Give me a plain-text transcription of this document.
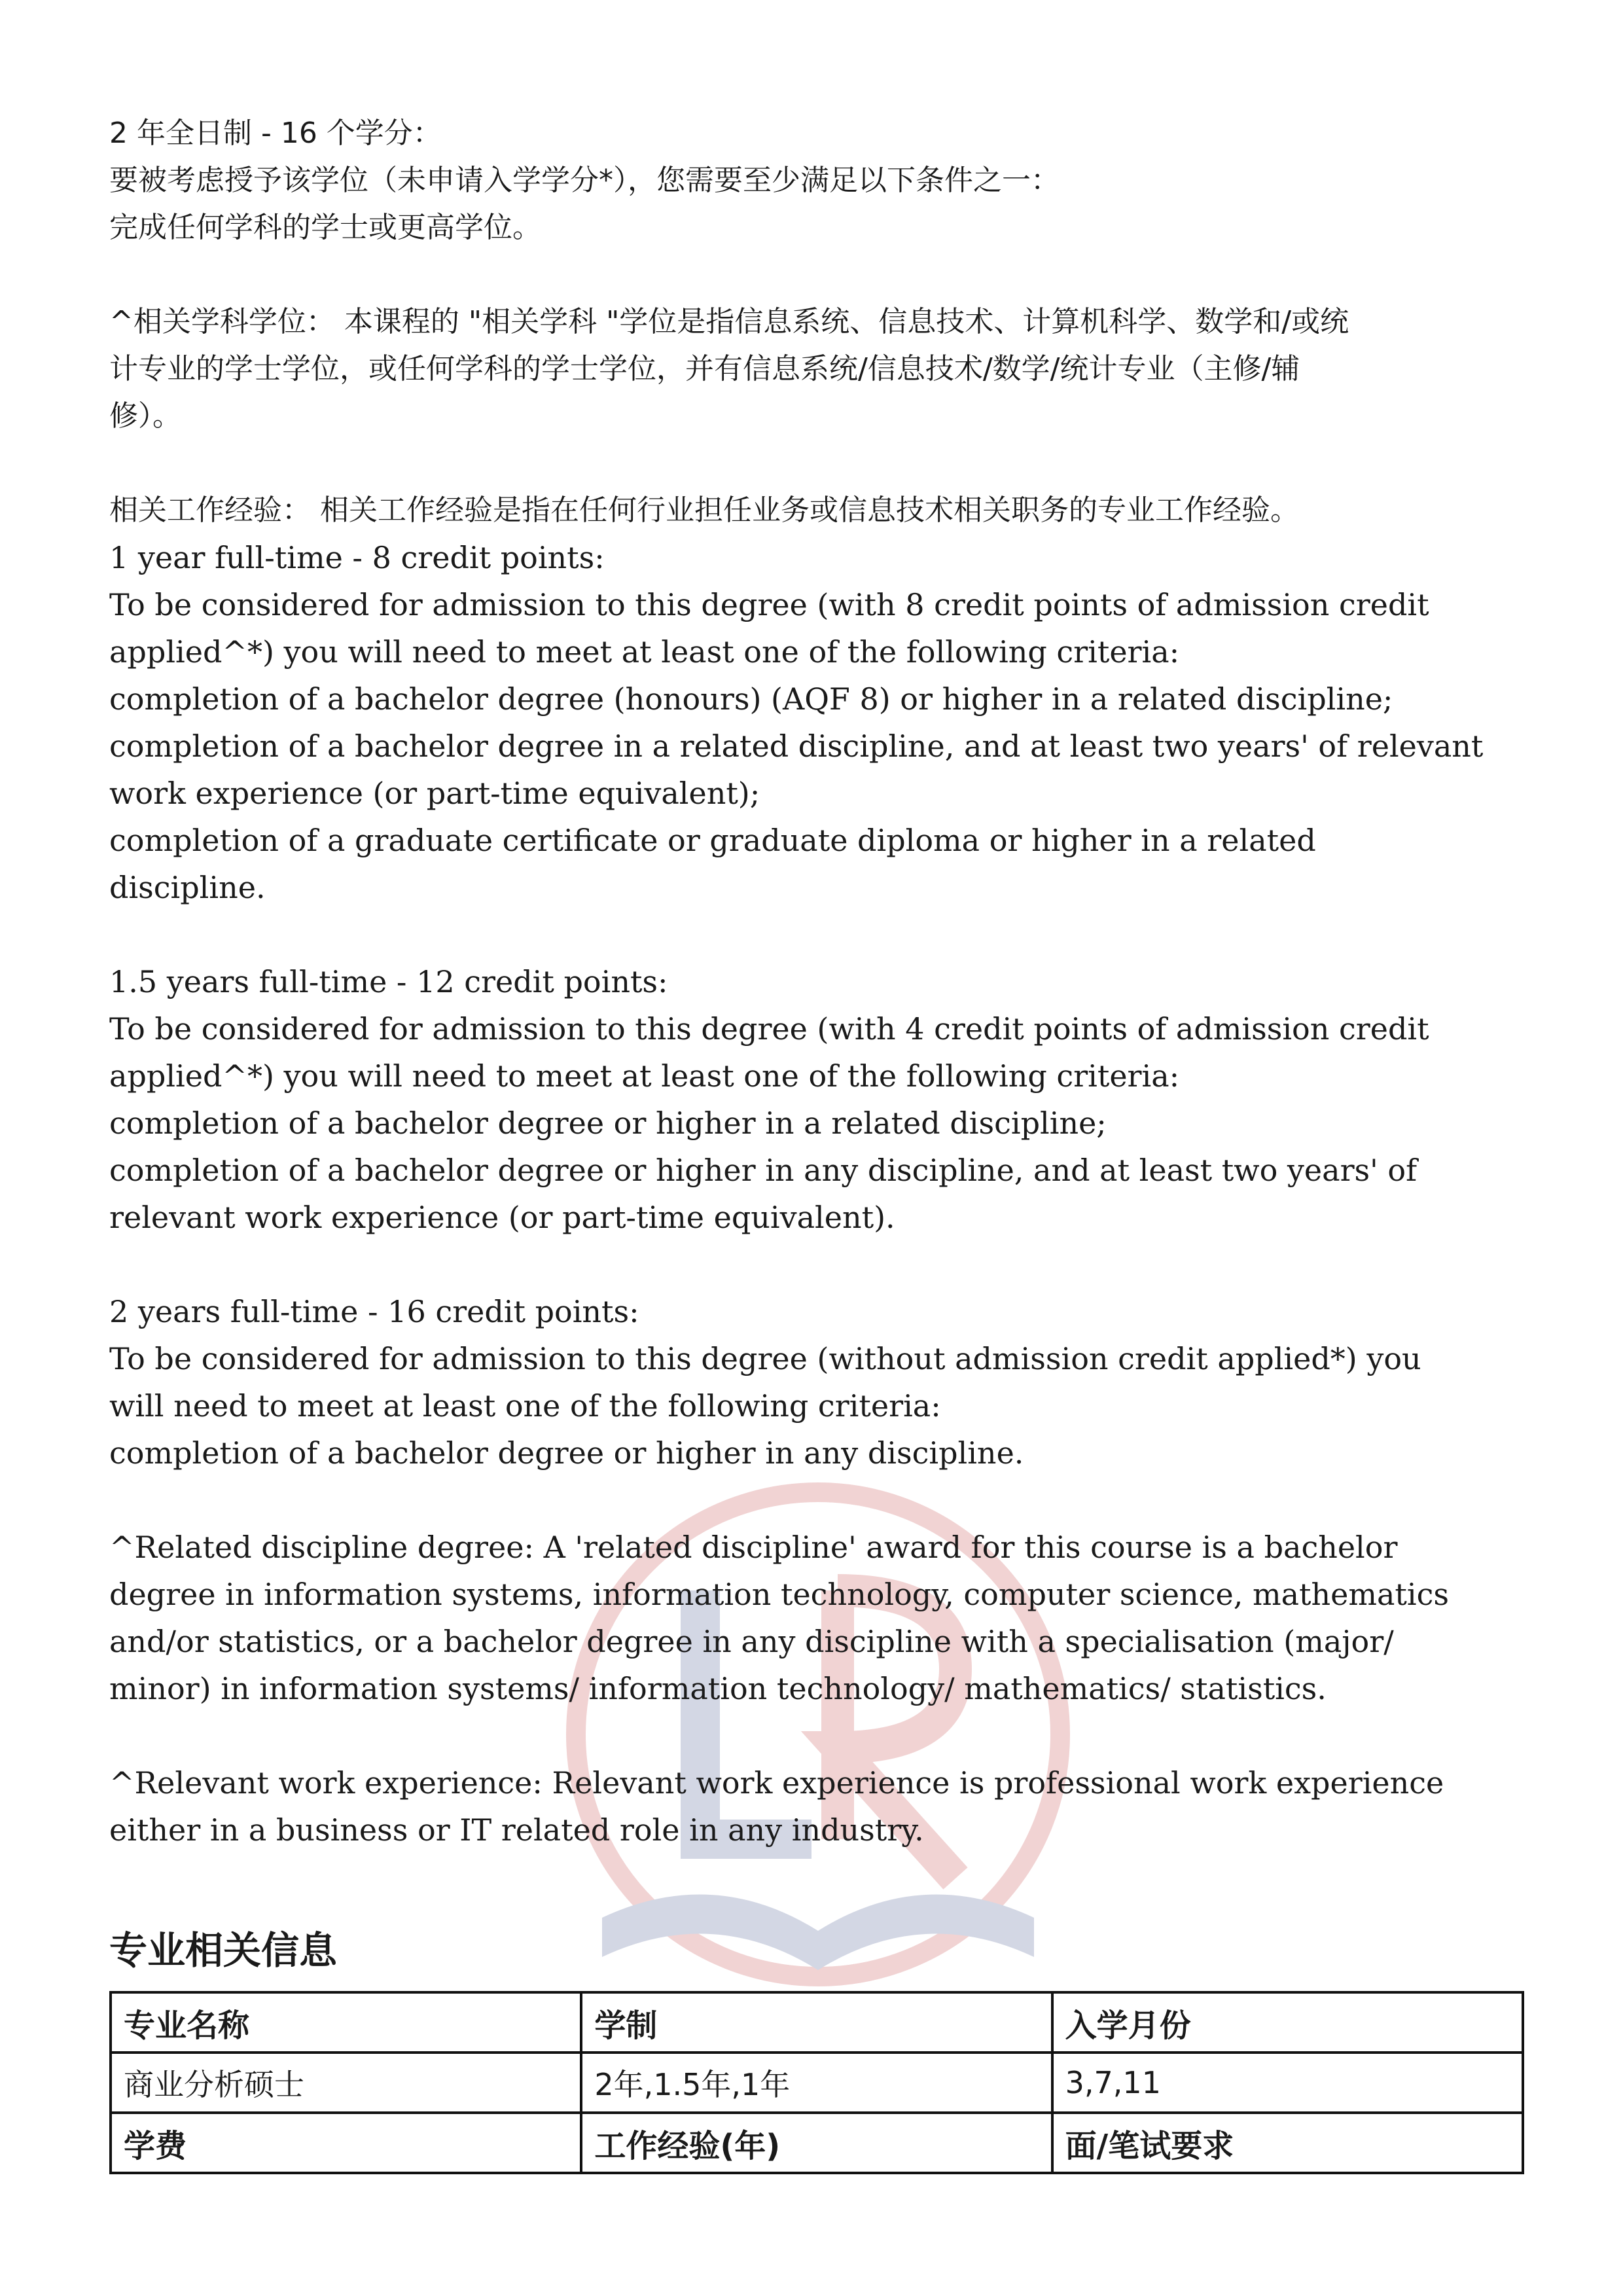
2 年全日制 - 16 个学分：
要被考虑授予该学位（未申请入学学分*），您需要至少满足以下条件之一：
完成任何学科的学士或更高学位。
^相关学科学位： 本课程的 "相关学科 "学位是指信息系统、信息技术、计算机科学、数学和/或统
计专业的学士学位，或任何学科的学士学位，并有信息系统/信息技术/数学/统计专业（主修/辅
修）。
相关工作经验： 相关工作经验是指在任何行业担任业务或信息技术相关职务的专业工作经验。
1 year full-time - 8 credit points:
To be considered for admission to this degree (with 8 credit points of admission credit
applied^*) you will need to meet at least one of the following criteria:
completion of a bachelor degree (honours) (AQF 8) or higher in a related discipline;
completion of a bachelor degree in a related discipline, and at least two years' of relevant
work experience (or part-time equivalent);
completion of a graduate certificate or graduate diploma or higher in a related
discipline.
1.5 years full-time - 12 credit points:
To be considered for admission to this degree (with 4 credit points of admission credit
applied^*) you will need to meet at least one of the following criteria:
completion of a bachelor degree or higher in a related discipline;
completion of a bachelor degree or higher in any discipline, and at least two years' of
relevant work experience (or part-time equivalent).
2 years full-time - 16 credit points:
To be considered for admission to this degree (without admission credit applied*) you
will need to meet at least one of the following criteria:
completion of a bachelor degree or higher in any discipline.
^Related discipline degree: A 'related discipline' award for this course is a bachelor
degree in information systems, information technology, computer science, mathematics
and/or statistics, or a bachelor degree in any discipline with a specialisation (major/
minor) in information systems/ information technology/ mathematics/ statistics.
^Relevant work experience: Relevant work experience is professional work experience
either in a business or IT related role in any industry.
专业相关信息
专业名称	学制	入学月份
商业分析硕士	2年,1.5年,1年	3,7,11
学费	工作经验(年)	面/笔试要求
